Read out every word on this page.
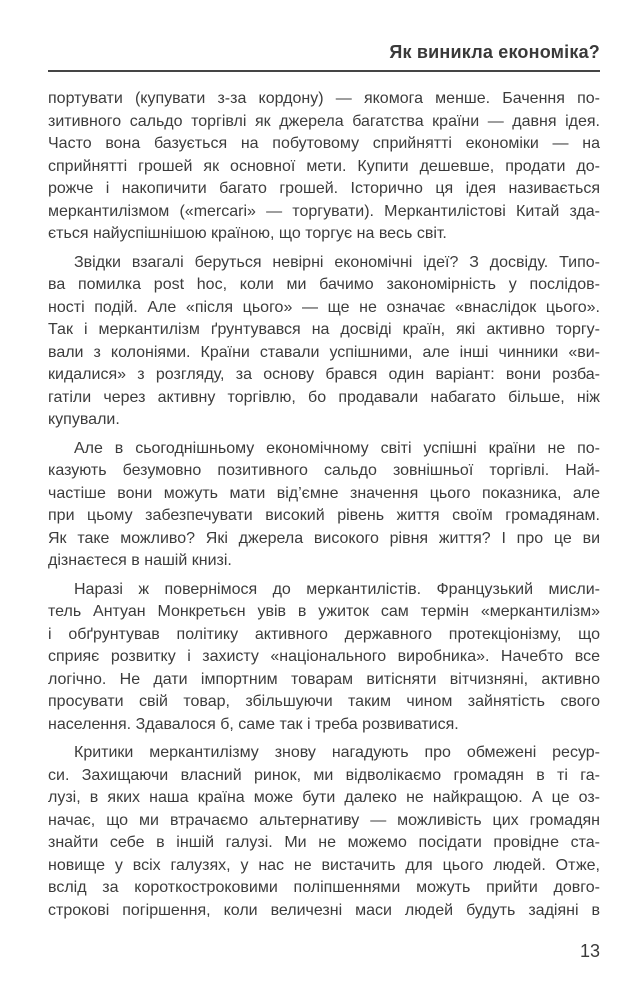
Як виникла економіка?
портувати (купувати з-за кордону) — якомога менше. Бачення по-
зитивного сальдо торгівлі як джерела багатства країни — давня ідея.
Часто вона базується на побутовому сприйнятті економіки — на
сприйнятті грошей як основної мети. Купити дешевше, продати до-
рожче і накопичити багато грошей. Історично ця ідея називається
меркантилізмом («mercari» — торгувати). Меркантилістові Китай зда-
ється найуспішнішою країною, що торгує на весь світ.
Звідки взагалі беруться невірні економічні ідеї? З досвіду. Типо-
ва помилка post hoc, коли ми бачимо закономірність у послідов-
ності подій. Але «після цього» — ще не означає «внаслідок цього».
Так і меркантилізм ґрунтувався на досвіді країн, які активно торгу-
вали з колоніями. Країни ставали успішними, але інші чинники «ви-
кидалися» з розгляду, за основу брався один варіант: вони розба-
гатіли через активну торгівлю, бо продавали набагато більше, ніж
купували.
Але в сьогоднішньому економічному світі успішні країни не по-
казують безумовно позитивного сальдо зовнішньої торгівлі. Най-
частіше вони можуть мати від’ємне значення цього показника, але
при цьому забезпечувати високий рівень життя своїм громадянам.
Як таке можливо? Які джерела високого рівня життя? І про це ви
дізнаєтеся в нашій книзі.
Наразі ж повернімося до меркантилістів. Французький мисли-
тель Антуан Монкретьєн увів в ужиток сам термін «меркантилізм»
і обґрунтував політику активного державного протекціонізму, що
сприяє розвитку і захисту «національного виробника». Начебто все
логічно. Не дати імпортним товарам витісняти вітчизняні, активно
просувати свій товар, збільшуючи таким чином зайнятість свого
населення. Здавалося б, саме так і треба розвиватися.
Критики меркантилізму знову нагадують про обмежені ресур-
си. Захищаючи власний ринок, ми відволікаємо громадян в ті га-
лузі, в яких наша країна може бути далеко не найкращою. А це оз-
начає, що ми втрачаємо альтернативу — можливість цих громадян
знайти себе в іншій галузі. Ми не можемо посідати провідне ста-
новище у всіх галузях, у нас не вистачить для цього людей. Отже,
вслід за короткостроковими поліпшеннями можуть прийти довго-
строкові погіршення, коли величезні маси людей будуть задіяні в
13
